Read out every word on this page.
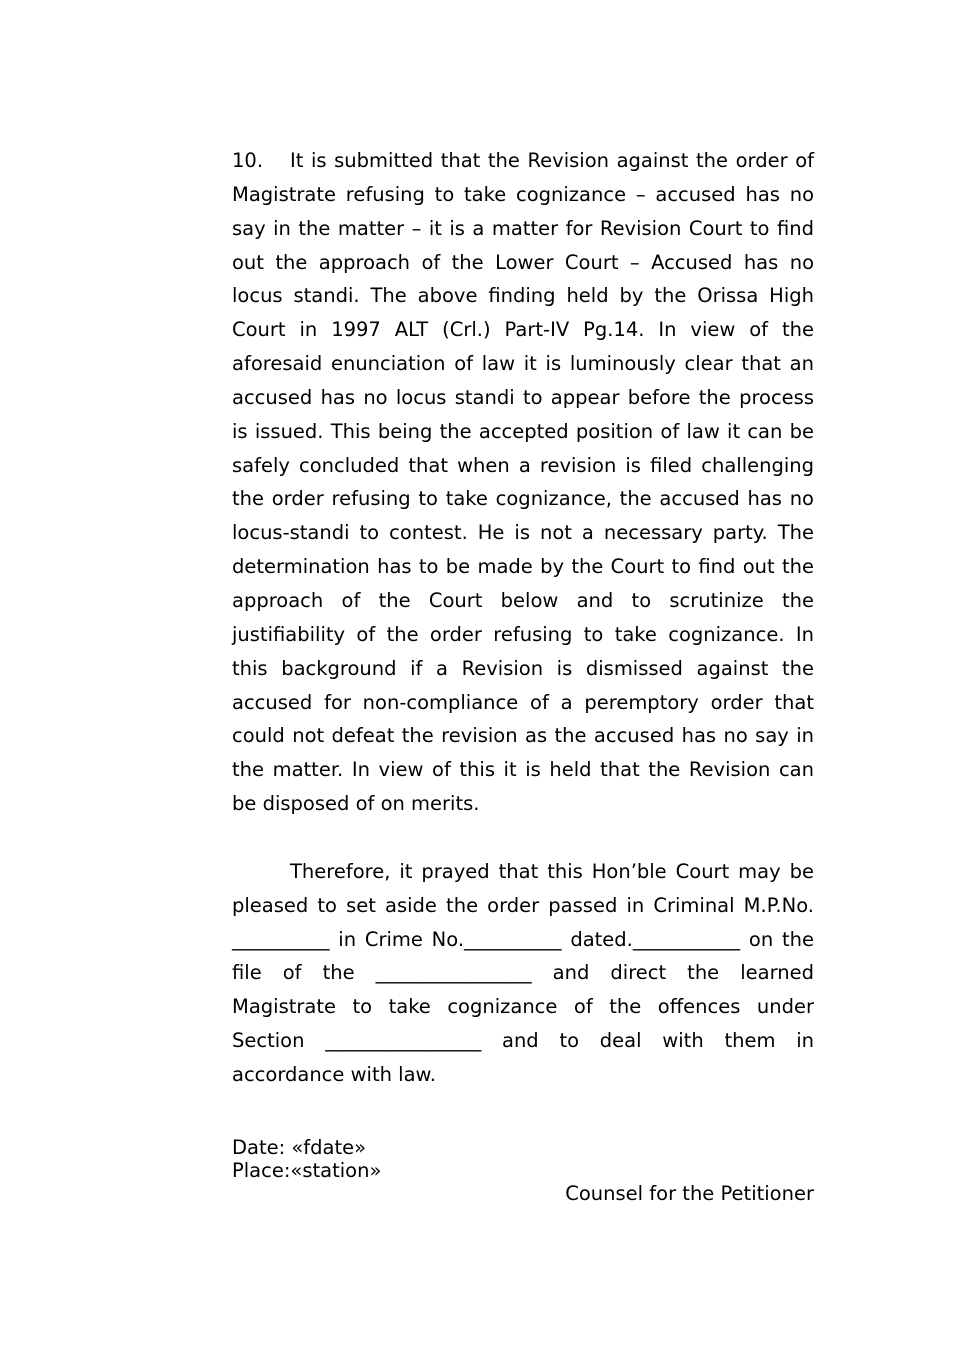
10. It is submitted that the Revision against the order of Magistrate refusing to take cognizance – accused has no say in the matter – it is a matter for Revision Court to find out the approach of the Lower Court – Accused has no locus standi. The above finding held by the Orissa High Court in 1997 ALT (Crl.) Part-IV Pg.14. In view of the aforesaid enunciation of law it is luminously clear that an accused has no locus standi to appear before the process is issued. This being the accepted position of law it can be safely concluded that when a revision is filed challenging the order refusing to take cognizance, the accused has no locus-standi to contest. He is not a necessary party. The determination has to be made by the Court to find out the approach of the Court below and to scrutinize the justifiability of the order refusing to take cognizance. In this background if a Revision is dismissed against the accused for non-compliance of a peremptory order that could not defeat the revision as the accused has no say in the matter. In view of this it is held that the Revision can be disposed of on merits.

Therefore, it prayed that this Hon’ble Court may be pleased to set aside the order passed in Criminal M.P.No. __________ in Crime No.__________ dated.___________ on the file of the ________________ and direct the learned Magistrate to take cognizance of the offences under Section ________________ and to deal with them in accordance with law.

Date: «fdate»

Place:«station»

Counsel for the Petitioner
